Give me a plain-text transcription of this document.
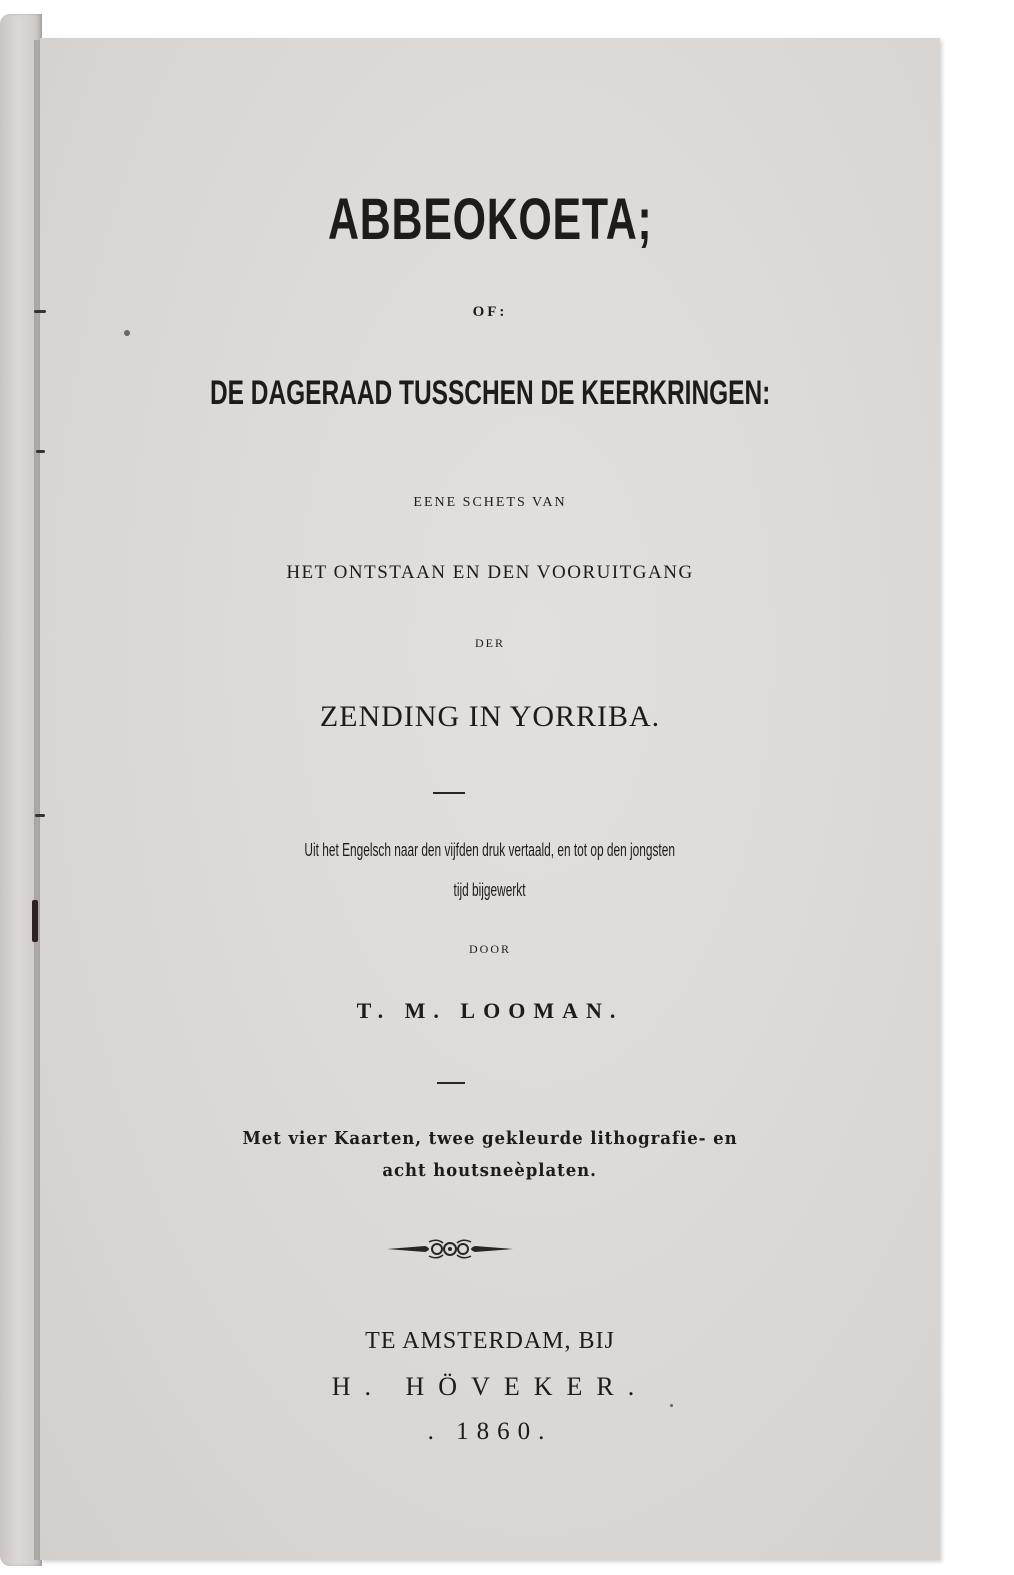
ABBEOKOETA;
OF:
DE DAGERAAD TUSSCHEN DE KEERKRINGEN:
EENE SCHETS VAN
HET ONTSTAAN EN DEN VOORUITGANG
DER
ZENDING IN YORRIBA.
Uit het Engelsch naar den vijfden druk vertaald, en tot op den jongsten
tijd bijgewerkt
DOOR
T. M. LOOMAN.
Met vier Kaarten, twee gekleurde lithografie- en
acht houtsneèplaten.
TE AMSTERDAM, BIJ
H. HÖVEKER.
. 1860.
